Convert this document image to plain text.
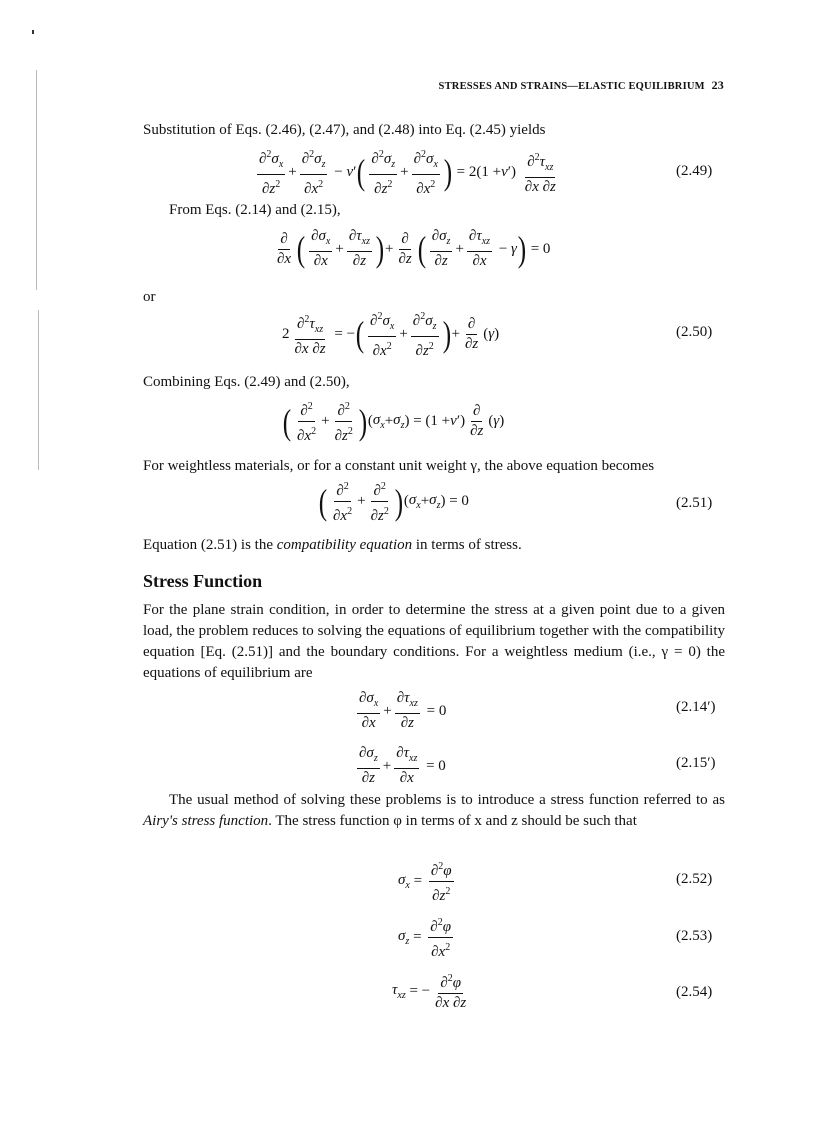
STRESSES AND STRAINS—ELASTIC EQUILIBRIUM 23
Substitution of Eqs. (2.46), (2.47), and (2.48) into Eq. (2.45) yields
$\frac{\partial^2\sigma_x}{\partial z^2} + \frac{\partial^2\sigma_z}{\partial x^2} - \nu$ ′ ( $\frac{\partial^2\sigma_z}{\partial z^2} + \frac{\partial^2\sigma_x}{\partial x^2}$ ) = 2(1 + ν ′) $\frac{\partial^2\tau_{xz}}{\partial x \partial z}$	(2.49)
From Eqs. (2.14) and (2.15),
$\frac{\partial}{\partial x}$ ( $\frac{\partial\sigma_x}{\partial x} + \frac{\partial\tau_{xz}}{\partial z}$ ) + $\frac{\partial}{\partial z}$ ( $\frac{\partial\sigma_z}{\partial z} + \frac{\partial\tau_{xz}}{\partial x} - \gamma$ ) = 0
or
$2 \frac{\partial^2\tau_{xz}}{\partial x \partial z}$ = − ( $\frac{\partial^2\sigma_x}{\partial x^2} + \frac{\partial^2\sigma_z}{\partial z^2}$ ) + $\frac{\partial}{\partial z}$ ( γ )	(2.50)
Combining Eqs. (2.49) and (2.50),
( $\frac{\partial^2}{\partial x^2} + \frac{\partial^2}{\partial z^2}$ ) ( $\sigma_x + \sigma_z$ ) = (1 + ν ′) $\frac{\partial}{\partial z}$ ( γ )
For weightless materials, or for a constant unit weight γ, the above equation becomes
( $\frac{\partial^2}{\partial x^2} + \frac{\partial^2}{\partial z^2}$ ) ( $\sigma_x + \sigma_z$ ) = 0	(2.51)
Equation (2.51) is the compatibility equation in terms of stress.
Stress Function
For the plane strain condition, in order to determine the stress at a given point due to a given load, the problem reduces to solving the equations of equilibrium together with the compatibility equation [Eq. (2.51)] and the boundary conditions. For a weightless medium (i.e., γ = 0) the equations of equilibrium are
$\frac{\partial\sigma_x}{\partial x} + \frac{\partial\tau_{xz}}{\partial z} = 0$	(2.14′)
$\frac{\partial\sigma_z}{\partial z} + \frac{\partial\tau_{xz}}{\partial x} = 0$	(2.15′)
The usual method of solving these problems is to introduce a stress function referred to as Airy's stress function. The stress function φ in terms of x and z should be such that
$\sigma_x = \frac{\partial^2\varphi}{\partial z^2}$	(2.52)
$\sigma_z = \frac{\partial^2\varphi}{\partial x^2}$	(2.53)
$\tau_{xz}$ = − $\frac{\partial^2\varphi}{\partial x \partial z}$	(2.54)
